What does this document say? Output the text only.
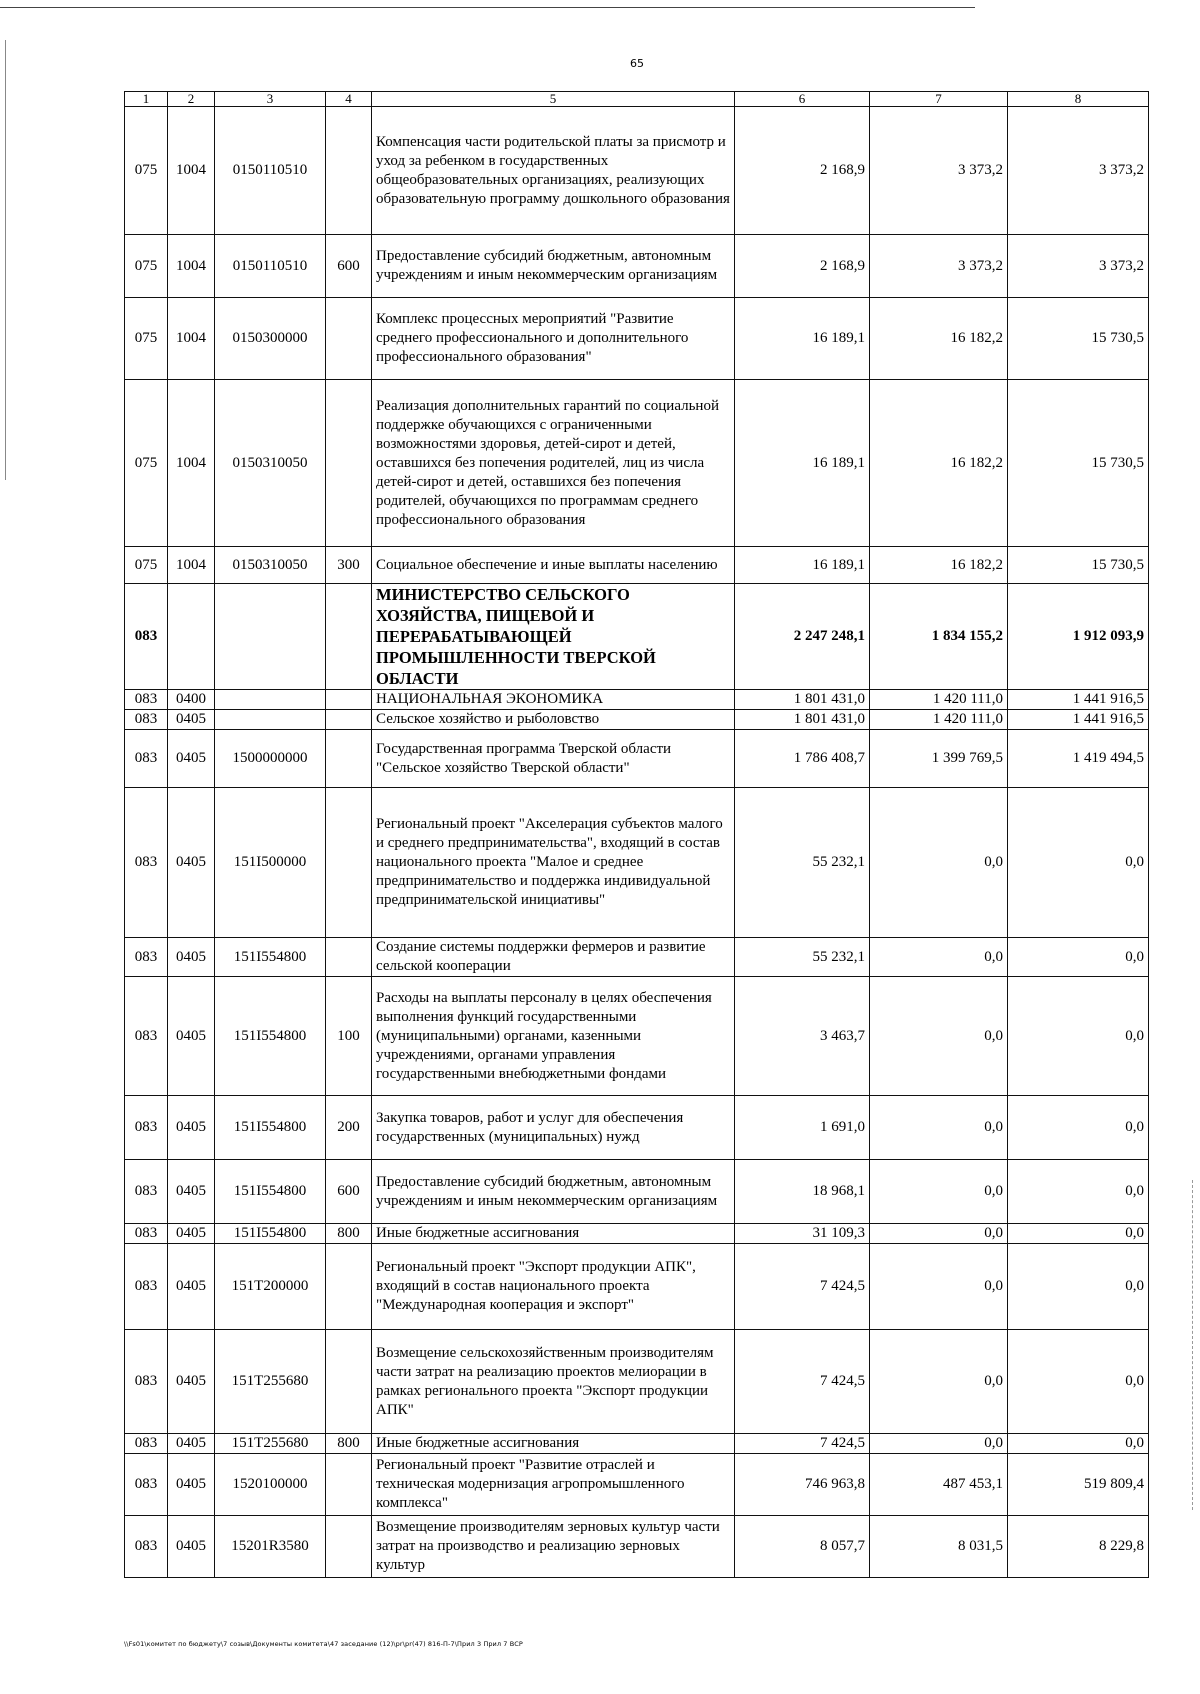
65
1	2	3	4	5	6	7	8
075	1004	0150110510		Компенсация части родительской платы за присмотр и уход за ребенком в государственных общеобразовательных организациях, реализующих образовательную программу дошкольного образования	2 168,9	3 373,2	3 373,2
075	1004	0150110510	600	Предоставление субсидий бюджетным, автономным учреждениям и иным некоммерческим организациям	2 168,9	3 373,2	3 373,2
075	1004	0150300000		Комплекс процессных мероприятий "Развитие среднего профессионального и дополнительного профессионального образования"	16 189,1	16 182,2	15 730,5
075	1004	0150310050		Реализация дополнительных гарантий по социальной поддержке обучающихся с ограниченными возможностями здоровья, детей-сирот и детей, оставшихся без попечения родителей, лиц из числа детей-сирот и детей, оставшихся без попечения родителей, обучающихся по программам среднего профессионального образования	16 189,1	16 182,2	15 730,5
075	1004	0150310050	300	Социальное обеспечение и иные выплаты населению	16 189,1	16 182,2	15 730,5
083				МИНИСТЕРСТВО СЕЛЬСКОГО ХОЗЯЙСТВА, ПИЩЕВОЙ И ПЕРЕРАБАТЫВАЮЩЕЙ ПРОМЫШЛЕННОСТИ ТВЕРСКОЙ ОБЛАСТИ	2 247 248,1	1 834 155,2	1 912 093,9
083	0400			НАЦИОНАЛЬНАЯ ЭКОНОМИКА	1 801 431,0	1 420 111,0	1 441 916,5
083	0405			Сельское хозяйство и рыболовство	1 801 431,0	1 420 111,0	1 441 916,5
083	0405	1500000000		Государственная программа Тверской области "Сельское хозяйство Тверской области"	1 786 408,7	1 399 769,5	1 419 494,5
083	0405	151I500000		Региональный проект "Акселерация субъектов малого и среднего предпринимательства", входящий в состав национального проекта "Малое и среднее предпринимательство и поддержка индивидуальной предпринимательской инициативы"	55 232,1	0,0	0,0
083	0405	151I554800		Создание системы поддержки фермеров и развитие сельской кооперации	55 232,1	0,0	0,0
083	0405	151I554800	100	Расходы на выплаты персоналу в целях обеспечения выполнения функций государственными (муниципальными) органами, казенными учреждениями, органами управления государственными внебюджетными фондами	3 463,7	0,0	0,0
083	0405	151I554800	200	Закупка товаров, работ и услуг для обеспечения государственных (муниципальных) нужд	1 691,0	0,0	0,0
083	0405	151I554800	600	Предоставление субсидий бюджетным, автономным учреждениям и иным некоммерческим организациям	18 968,1	0,0	0,0
083	0405	151I554800	800	Иные бюджетные ассигнования	31 109,3	0,0	0,0
083	0405	151T200000		Региональный проект "Экспорт продукции АПК", входящий в состав национального проекта "Международная кооперация и экспорт"	7 424,5	0,0	0,0
083	0405	151T255680		Возмещение сельскохозяйственным производителям части затрат на реализацию проектов мелиорации в рамках регионального проекта "Экспорт продукции АПК"	7 424,5	0,0	0,0
083	0405	151T255680	800	Иные бюджетные ассигнования	7 424,5	0,0	0,0
083	0405	1520100000		Региональный проект "Развитие отраслей и техническая модернизация агропромышленного комплекса"	746 963,8	487 453,1	519 809,4
083	0405	15201R3580		Возмещение производителям зерновых культур части затрат на производство и реализацию зерновых культур	8 057,7	8 031,5	8 229,8
\\Fs01\комитет по бюджету\7 созыв\Документы комитета\47 заседание (12)\pr\pr(47) 816-П-7\Прил 3 Прил 7 ВСР
